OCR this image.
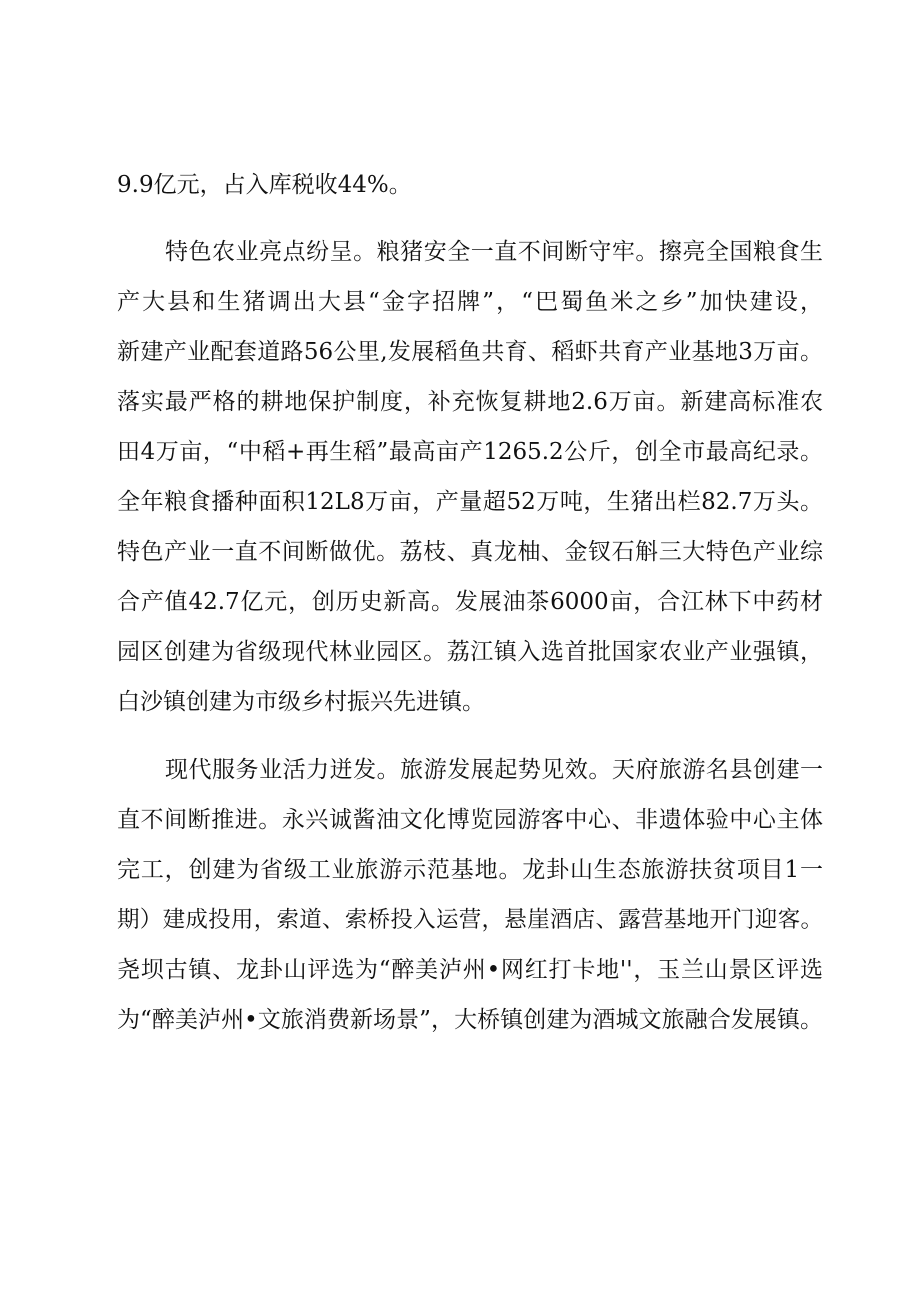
9.9亿元，占入库税收44%。
特色农业亮点纷呈。粮猪安全一直不间断守牢。擦亮全国粮食生
产大县和生猪调出大县“金字招牌”，“巴蜀鱼米之乡”加快建设，
新建产业配套道路56公里,发展稻鱼共育、稻虾共育产业基地3万亩。
落实最严格的耕地保护制度，补充恢复耕地2.6万亩。新建高标准农
田4万亩，“中稻+再生稻”最高亩产1265.2公斤，创全市最高纪录。
全年粮食播种面积12L8万亩，产量超52万吨，生猪出栏82.7万头。
特色产业一直不间断做优。荔枝、真龙柚、金钗石斛三大特色产业综
合产值42.7亿元，创历史新高。发展油茶6000亩，合江林下中药材
园区创建为省级现代林业园区。荔江镇入选首批国家农业产业强镇，
白沙镇创建为市级乡村振兴先进镇。
现代服务业活力迸发。旅游发展起势见效。天府旅游名县创建一
直不间断推进。永兴诚酱油文化博览园游客中心、非遗体验中心主体
完工，创建为省级工业旅游示范基地。龙卦山生态旅游扶贫项目1一
期）建成投用，索道、索桥投入运营，悬崖酒店、露营基地开门迎客。
尧坝古镇、龙卦山评选为“醉美泸州•网红打卡地''，玉兰山景区评选
为“醉美泸州•文旅消费新场景”，大桥镇创建为酒城文旅融合发展镇。
